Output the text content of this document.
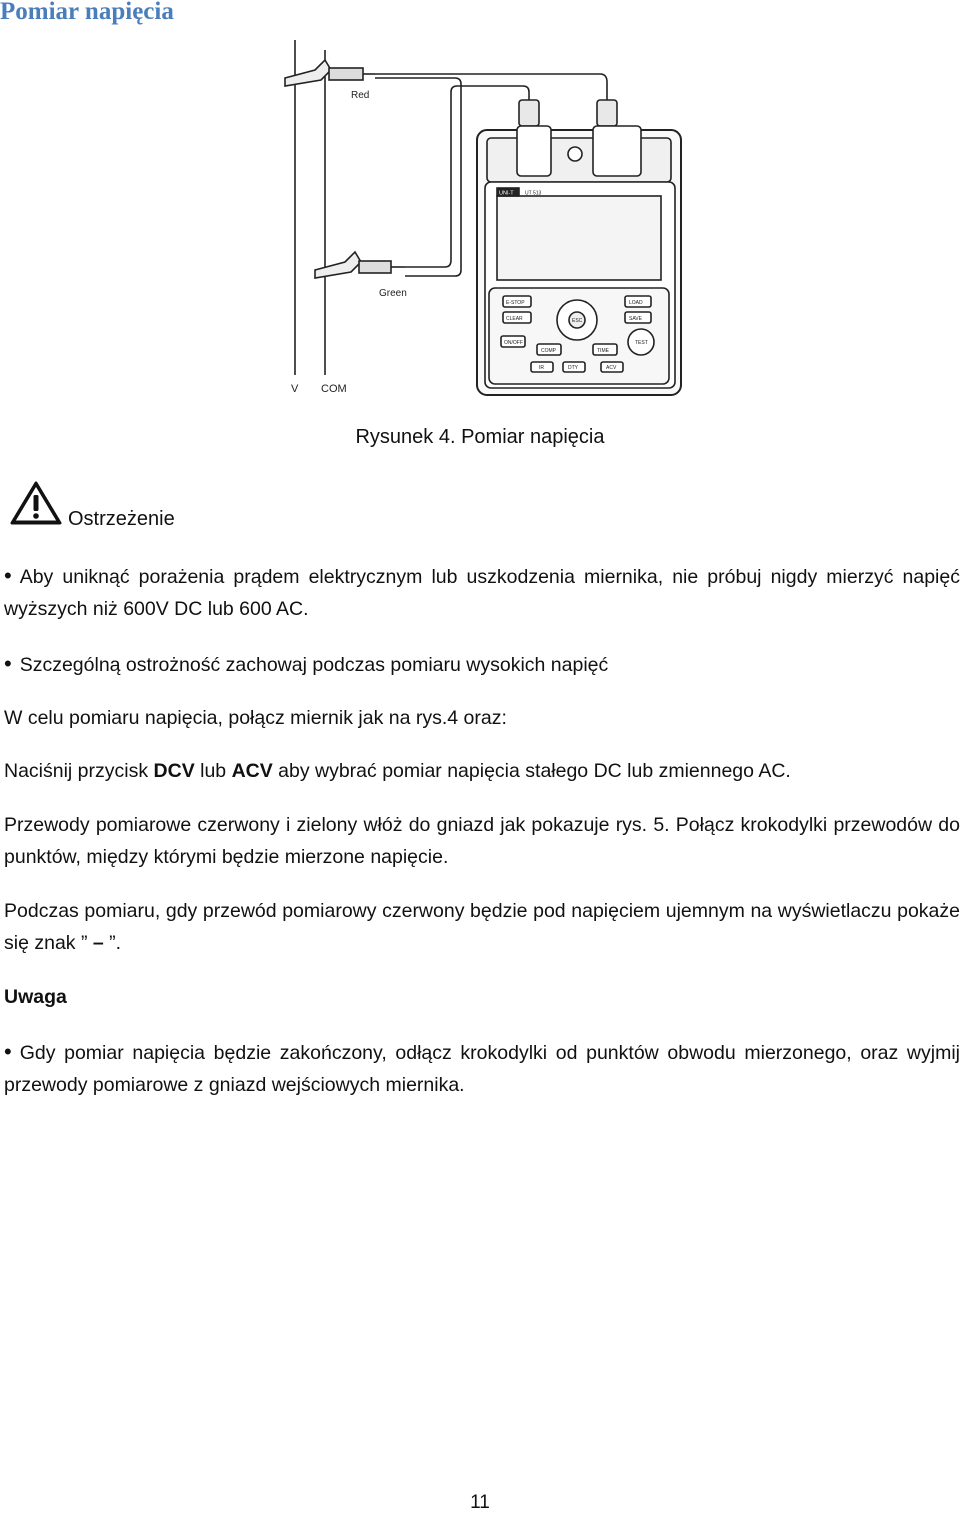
Pomiar napięcia
Red
Green
V COM
UNI-T UT 513
E-STOP
CLEAR	ESC
LOAD
SAVE
ON/OFF
COMP	TIME
TEST
IR	DTY	ACV
Rysunek 4. Pomiar napięcia
Ostrzeżenie

• Aby uniknąć porażenia prądem elektrycznym lub uszkodzenia miernika, nie próbuj nigdy mierzyć napięć wyższych niż 600V DC lub 600 AC.

• Szczególną ostrożność zachowaj podczas pomiaru wysokich napięć

W celu pomiaru napięcia, połącz miernik jak na rys.4 oraz:

Naciśnij przycisk DCV lub ACV aby wybrać pomiar napięcia stałego DC lub zmiennego AC.

Przewody pomiarowe czerwony i zielony włóż do gniazd jak pokazuje rys. 5. Połącz krokodylki przewodów do punktów, między którymi będzie mierzone napięcie.

Podczas pomiaru, gdy przewód pomiarowy czerwony będzie pod napięciem ujemnym na wyświetlaczu pokaże się znak ” – ”.

Uwaga

• Gdy pomiar napięcia będzie zakończony, odłącz krokodylki od punktów obwodu mierzonego, oraz wyjmij przewody pomiarowe z gniazd wejściowych miernika.

11
